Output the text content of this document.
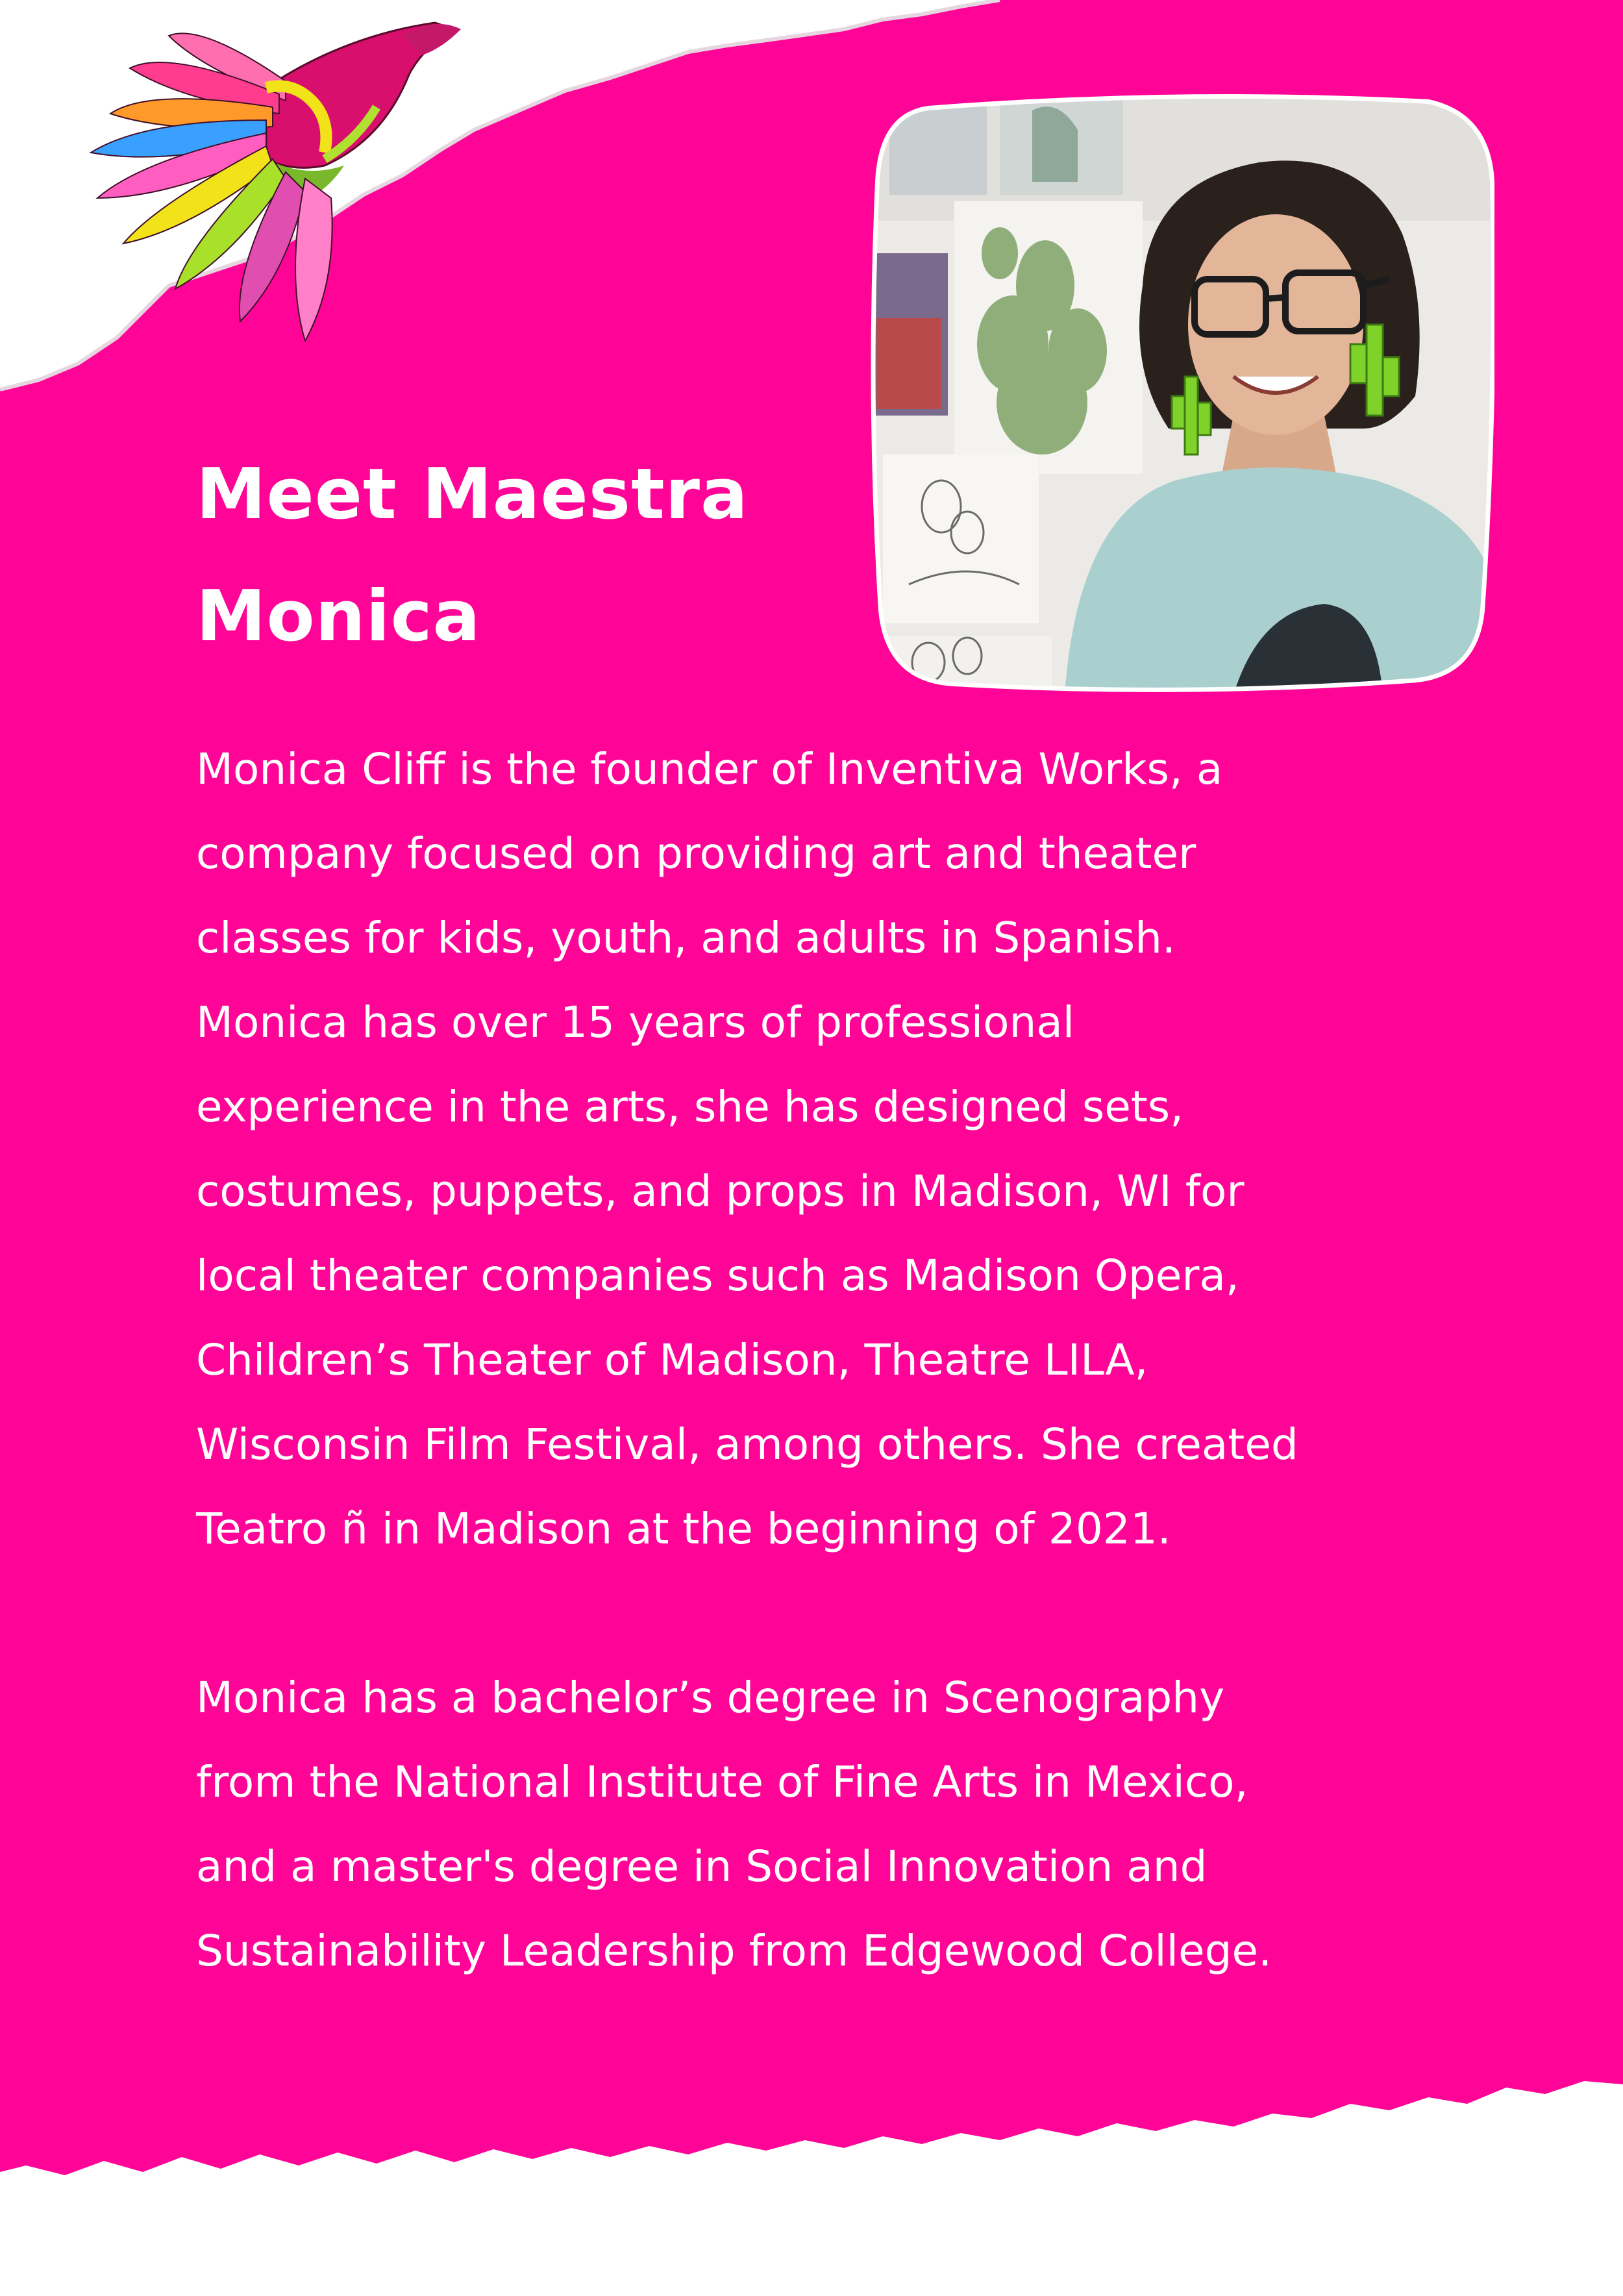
Meet Maestra
Monica
Monica Cliff is the founder of Inventiva Works, a
company focused on providing art and theater
classes for kids, youth, and adults in Spanish.
Monica has over 15 years of professional
experience in the arts, she has designed sets,
costumes, puppets, and props in Madison, WI for
local theater companies such as Madison Opera,
Children’s Theater of Madison, Theatre LILA,
Wisconsin Film Festival, among others. She created
Teatro ñ in Madison at the beginning of 2021.
Monica has a bachelor’s degree in Scenography
from the National Institute of Fine Arts in Mexico,
and a master's degree in Social Innovation and
Sustainability Leadership from Edgewood College.
